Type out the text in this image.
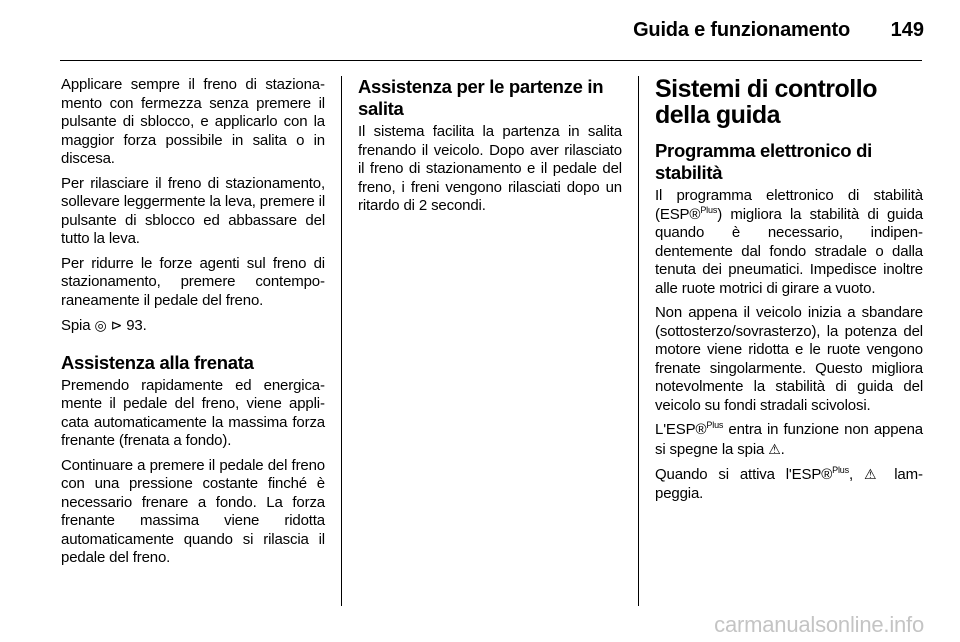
Guida e funzionamento	149

Applicare sempre il freno di stazionamento con fermezza senza premere il pulsante di sblocco, e applicarlo con la maggior forza possibile in salita o in discesa.

Per rilasciare il freno di stazionamento, sollevare leggermente la leva, premere il pulsante di sblocco ed abbassare del tutto la leva.

Per ridurre le forze agenti sul freno di stazionamento, premere contemporaneamente il pedale del freno.

Spia ◎ ⊳ 93.

Assistenza alla frenata

Premendo rapidamente ed energicamente il pedale del freno, viene applicata automaticamente la massima forza frenante (frenata a fondo).

Continuare a premere il pedale del freno con una pressione costante finché è necessario frenare a fondo. La forza frenante massima viene ridotta automaticamente quando si rilascia il pedale del freno.

Assistenza per le partenze in salita

Il sistema facilita la partenza in salita frenando il veicolo. Dopo aver rilasciato il freno di stazionamento e il pedale del freno, i freni vengono rilasciati dopo un ritardo di 2 secondi.

Sistemi di controllo della guida
Programma elettronico di stabilità

Il programma elettronico di stabilità (ESP®$^{Plus}$) migliora la stabilità di guida quando è necessario, indipendentemente dal fondo stradale o dalla tenuta dei pneumatici. Impedisce inoltre alle ruote motrici di girare a vuoto.

Non appena il veicolo inizia a sbandare (sottosterzo/sovrasterzo), la potenza del motore viene ridotta e le ruote vengono frenate singolarmente. Questo migliora notevolmente la stabilità di guida del veicolo su fondi stradali scivolosi.

L'ESP®$^{Plus}$ entra in funzione non appena si spegne la spia ⚠.

Quando si attiva l'ESP®$^{Plus}$, ⚠ lampeggia.

carmanualsonline.info
